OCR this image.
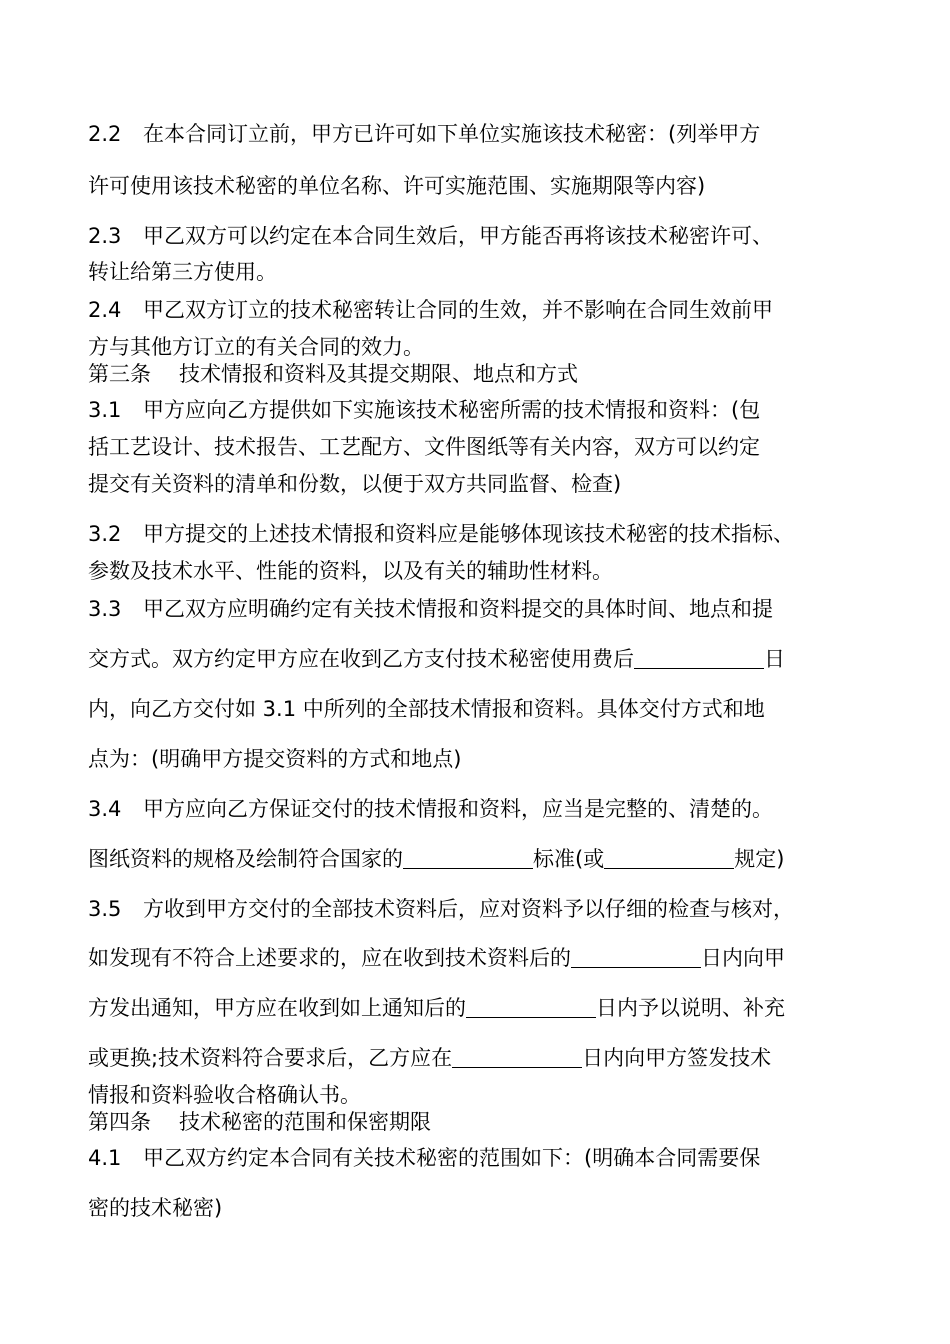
2.2 在本合同订立前，甲方已许可如下单位实施该技术秘密：(列举甲方
许可使用该技术秘密的单位名称、许可实施范围、实施期限等内容)
2.3 甲乙双方可以约定在本合同生效后，甲方能否再将该技术秘密许可、
转让给第三方使用。
2.4 甲乙双方订立的技术秘密转让合同的生效，并不影响在合同生效前甲
方与其他方订立的有关合同的效力。
第三条 技术情报和资料及其提交期限、地点和方式
3.1 甲方应向乙方提供如下实施该技术秘密所需的技术情报和资料：(包
括工艺设计、技术报告、工艺配方、文件图纸等有关内容，双方可以约定
提交有关资料的清单和份数，以便于双方共同监督、检查)
3.2 甲方提交的上述技术情报和资料应是能够体现该技术秘密的技术指标、
参数及技术水平、性能的资料，以及有关的辅助性材料。
3.3 甲乙双方应明确约定有关技术情报和资料提交的具体时间、地点和提
交方式。双方约定甲方应在收到乙方支付技术秘密使用费后	日
内，向乙方交付如 3.1 中所列的全部技术情报和资料。具体交付方式和地
点为：(明确甲方提交资料的方式和地点)
3.4 甲方应向乙方保证交付的技术情报和资料，应当是完整的、清楚的。
图纸资料的规格及绘制符合国家的	标准(或	规定)
3.5 方收到甲方交付的全部技术资料后，应对资料予以仔细的检查与核对，
如发现有不符合上述要求的，应在收到技术资料后的	日内向甲
方发出通知，甲方应在收到如上通知后的	日内予以说明、补充
或更换;技术资料符合要求后，乙方应在	日内向甲方签发技术
情报和资料验收合格确认书。
第四条 技术秘密的范围和保密期限
4.1 甲乙双方约定本合同有关技术秘密的范围如下：(明确本合同需要保
密的技术秘密)
